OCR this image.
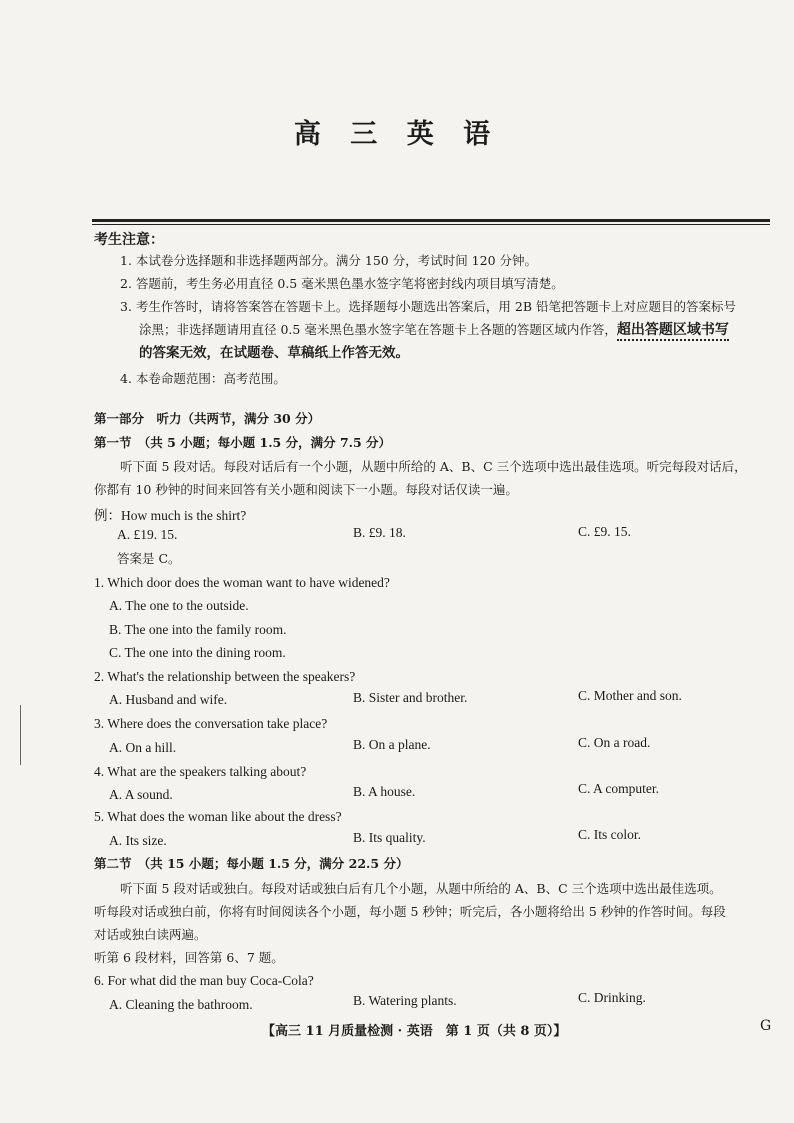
高 三 英 语
考生注意：
1. 本试卷分选择题和非选择题两部分。满分 150 分，考试时间 120 分钟。
2. 答题前，考生务必用直径 0.5 毫米黑色墨水签字笔将密封线内项目填写清楚。
3. 考生作答时，请将答案答在答题卡上。选择题每小题选出答案后，用 2B 铅笔把答题卡上对应题目的答案标号
涂黑；非选择题请用直径 0.5 毫米黑色墨水签字笔在答题卡上各题的答题区域内作答，超出答题区域书写
的答案无效，在试题卷、草稿纸上作答无效。
4. 本卷命题范围：高考范围。
第一部分　听力（共两节，满分 30 分）
第一节　（共 5 小题；每小题 1.5 分，满分 7.5 分）
听下面 5 段对话。每段对话后有一个小题，从题中所给的 A、B、C 三个选项中选出最佳选项。听完每段对话后，
你都有 10 秒钟的时间来回答有关小题和阅读下一小题。每段对话仅读一遍。
例：How much is the shirt?
A. £19. 15.	B. £9. 18.	C. £9. 15.
答案是 C。
1. Which door does the woman want to have widened?
A. The one to the outside.
B. The one into the family room.
C. The one into the dining room.
2. What's the relationship between the speakers?
A. Husband and wife.	B. Sister and brother.	C. Mother and son.
3. Where does the conversation take place?
A. On a hill.	B. On a plane.	C. On a road.
4. What are the speakers talking about?
A. A sound.	B. A house.	C. A computer.
5. What does the woman like about the dress?
A. Its size.	B. Its quality.	C. Its color.
第二节　（共 15 小题；每小题 1.5 分，满分 22.5 分）
听下面 5 段对话或独白。每段对话或独白后有几个小题，从题中所给的 A、B、C 三个选项中选出最佳选项。
听每段对话或独白前，你将有时间阅读各个小题，每小题 5 秒钟；听完后，各小题将给出 5 秒钟的作答时间。每段
对话或独白读两遍。
听第 6 段材料，回答第 6、7 题。
6. For what did the man buy Coca-Cola?
A. Cleaning the bathroom.	B. Watering plants.	C. Drinking.
【高三 11 月质量检测 · 英语　第 1 页（共 8 页）】	G
